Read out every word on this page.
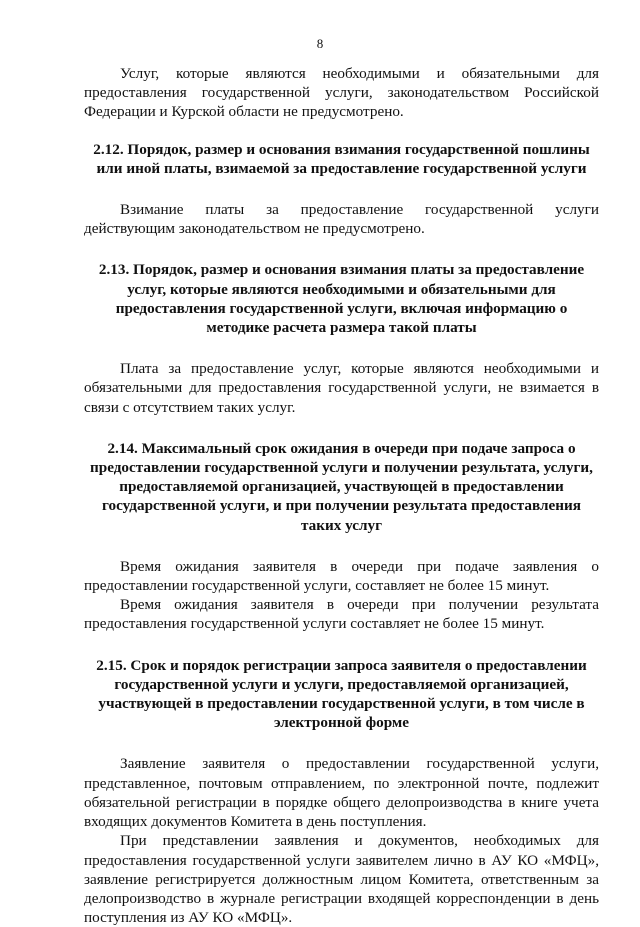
8

Услуг, которые являются необходимыми и обязательными для предоставления государственной услуги, законодательством Российской Федерации и Курской области не предусмотрено.

2.12. Порядок, размер и основания взимания государственной пошлины или иной платы, взимаемой за предоставление государственной услуги

Взимание платы за предоставление государственной услуги действующим законодательством не предусмотрено.

2.13. Порядок, размер и основания взимания платы за предоставление услуг, которые являются необходимыми и обязательными для предоставления государственной услуги, включая информацию о методике расчета размера такой платы

Плата за предоставление услуг, которые являются необходимыми и обязательными для предоставления государственной услуги, не взимается в связи с отсутствием таких услуг.

2.14. Максимальный срок ожидания в очереди при подаче запроса о предоставлении государственной услуги и получении результата, услуги, предоставляемой организацией, участвующей в предоставлении государственной услуги, и при получении результата предоставления таких услуг

Время ожидания заявителя в очереди при подаче заявления о предоставлении государственной услуги, составляет не более 15 минут.

Время ожидания заявителя в очереди при получении результата предоставления государственной услуги составляет не более 15 минут.

2.15. Срок и порядок регистрации запроса заявителя о предоставлении государственной услуги и услуги, предоставляемой организацией, участвующей в предоставлении государственной услуги, в том числе в электронной форме

Заявление заявителя о предоставлении государственной услуги, представленное, почтовым отправлением, по электронной почте, подлежит обязательной регистрации в порядке общего делопроизводства в книге учета входящих документов Комитета в день поступления.

При представлении заявления и документов, необходимых для предоставления государственной услуги заявителем лично в АУ КО «МФЦ», заявление регистрируется должностным лицом Комитета, ответственным за делопроизводство в журнале регистрации входящей корреспонденции в день поступления из АУ КО «МФЦ».
